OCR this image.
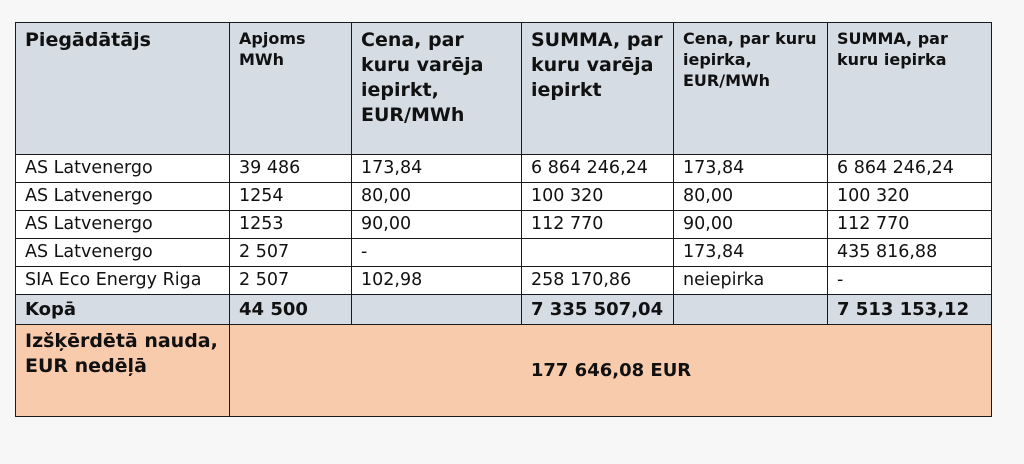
Piegādātājs	Apjoms MWh	Cena, par kuru varēja iepirkt, EUR/MWh	SUMMA, par kuru varēja iepirkt	Cena, par kuru iepirka, EUR/MWh	SUMMA, par kuru iepirka
AS Latvenergo	39 486	173,84	6 864 246,24	173,84	6 864 246,24
AS Latvenergo	1254	80,00	100 320	80,00	100 320
AS Latvenergo	1253	90,00	112 770	90,00	112 770
AS Latvenergo	2 507	-		173,84	435 816,88
SIA Eco Energy Riga	2 507	102,98	258 170,86	neiepirka	-
Kopā	44 500		7 335 507,04		7 513 153,12
Izšķērdētā nauda, EUR nedēļā	177 646,08 EUR				
